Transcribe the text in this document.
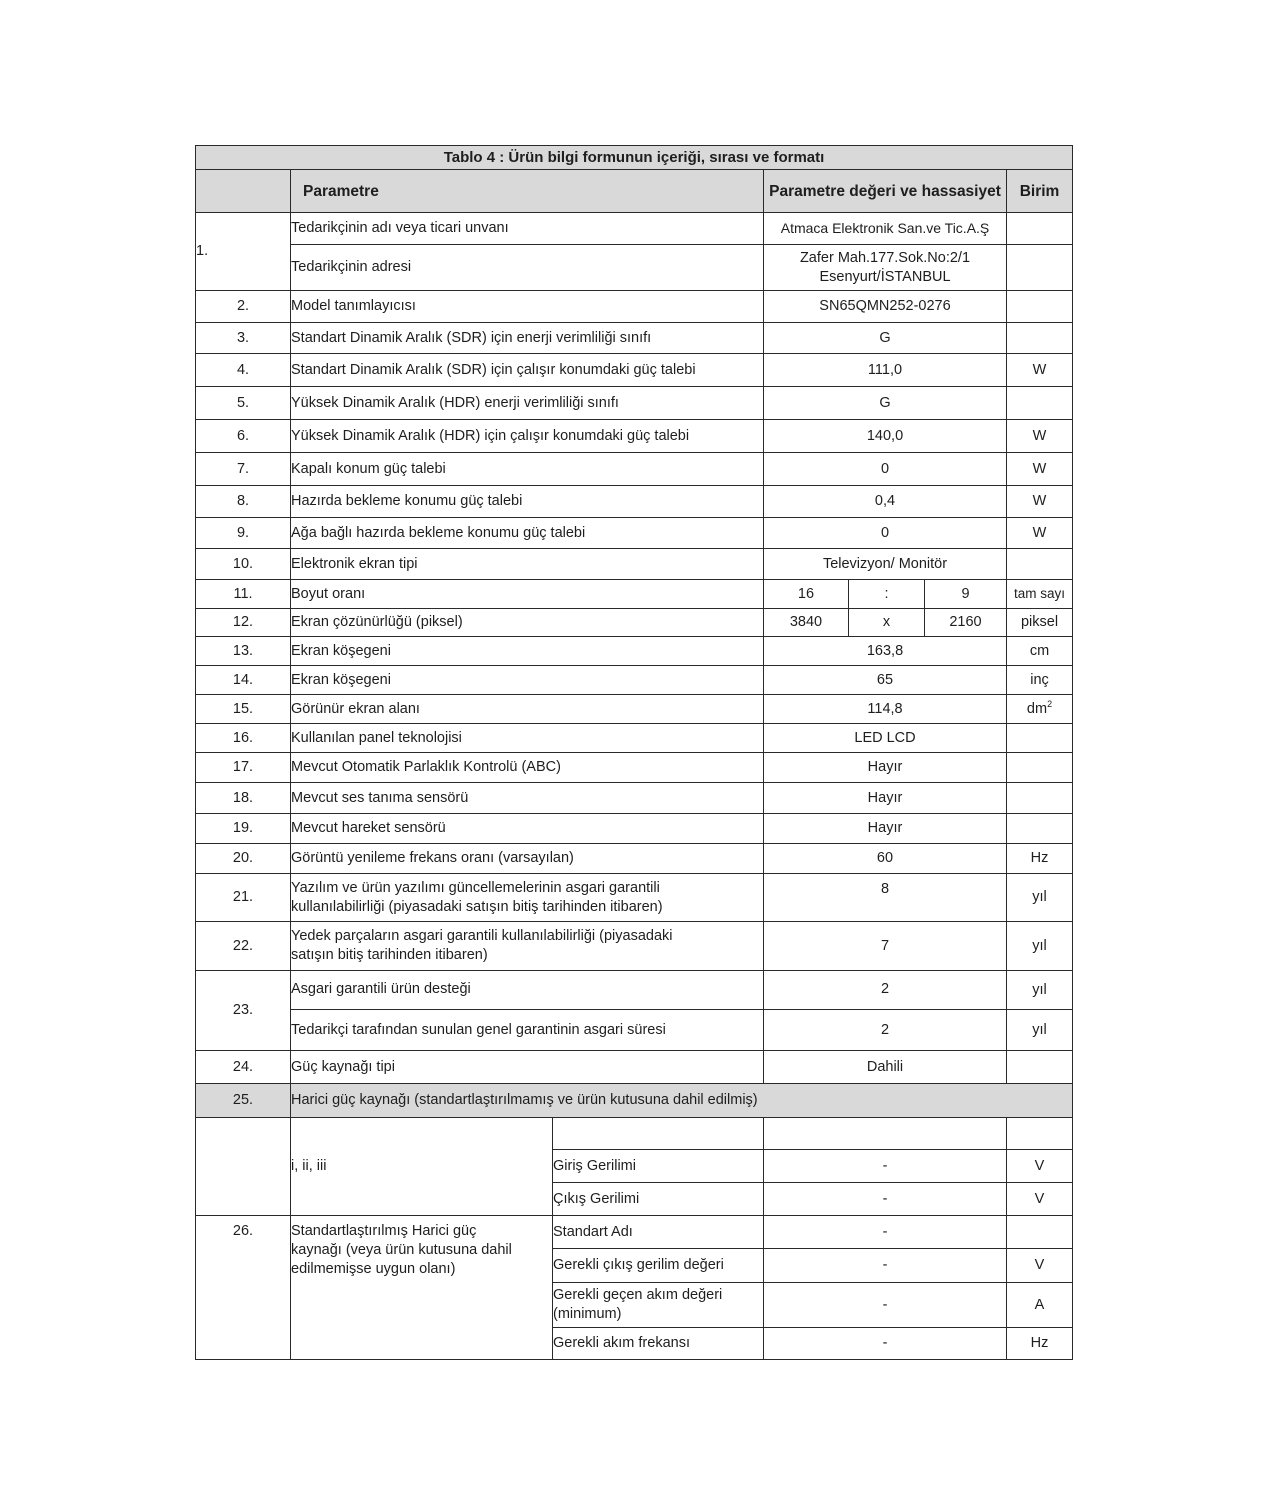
Tablo 4 : Ürün bilgi formunun içeriği, sırası ve formatı						
	Parametre		Parametre değeri ve hassasiyet			Birim
1.	Tedarikçinin adı veya ticari unvanı		Atmaca Elektronik San.ve Tic.A.Ş			
	Tedarikçinin adresi		Zafer Mah.177.Sok.No:2/1 Esenyurt/İSTANBUL			
2.	Model tanımlayıcısı		SN65QMN252-0276			
3.	Standart Dinamik Aralık (SDR) için enerji verimliliği sınıfı		G			
4.	Standart Dinamik Aralık (SDR) için çalışır konumdaki güç talebi		111,0			W
5.	Yüksek Dinamik Aralık (HDR) enerji verimliliği sınıfı		G			
6.	Yüksek Dinamik Aralık (HDR) için çalışır konumdaki güç talebi		140,0			W
7.	Kapalı konum güç talebi		0			W
8.	Hazırda bekleme konumu güç talebi		0,4			W
9.	Ağa bağlı hazırda bekleme konumu güç talebi		0			W
10.	Elektronik ekran tipi		Televizyon/ Monitör			
11.	Boyut oranı		16	:	9	tam sayı
12.	Ekran çözünürlüğü (piksel)		3840	x	2160	piksel
13.	Ekran köşegeni		163,8			cm
14.	Ekran köşegeni		65			inç
15.	Görünür ekran alanı		114,8			$dm^2$
16.	Kullanılan panel teknolojisi		LED LCD			
17.	Mevcut Otomatik Parlaklık Kontrolü (ABC)		Hayır			
18.	Mevcut ses tanıma sensörü		Hayır			
19.	Mevcut hareket sensörü		Hayır			
20.	Görüntü yenileme frekans oranı (varsayılan)		60			Hz
21.	Yazılım ve ürün yazılımı güncellemelerinin asgari garantili
kullanılabilirliği (piyasadaki satışın bitiş tarihinden itibaren)		8			yıl
22.	Yedek parçaların asgari garantili kullanılabilirliği (piyasadaki
satışın bitiş tarihinden itibaren)		7			yıl
23.	Asgari garantili ürün desteği		2			yıl
	Tedarikçi tarafından sunulan genel garantinin asgari süresi		2			yıl
24.	Güç kaynağı tipi		Dahili			
25.	Harici güç kaynağı (standartlaştırılmamış ve ürün kutusuna dahil edilmiş)					
	i, ii, iii					
		Giriş Gerilimi	-			V
		Çıkış Gerilimi	-			V
26.	Standartlaştırılmış Harici güç
kaynağı (veya ürün kutusuna dahil
edilmemişse uygun olanı)	Standart Adı	-			
		Gerekli çıkış gerilim değeri	-			V
		Gerekli geçen akım değeri
(minimum)	-			A
		Gerekli akım frekansı	-			Hz
